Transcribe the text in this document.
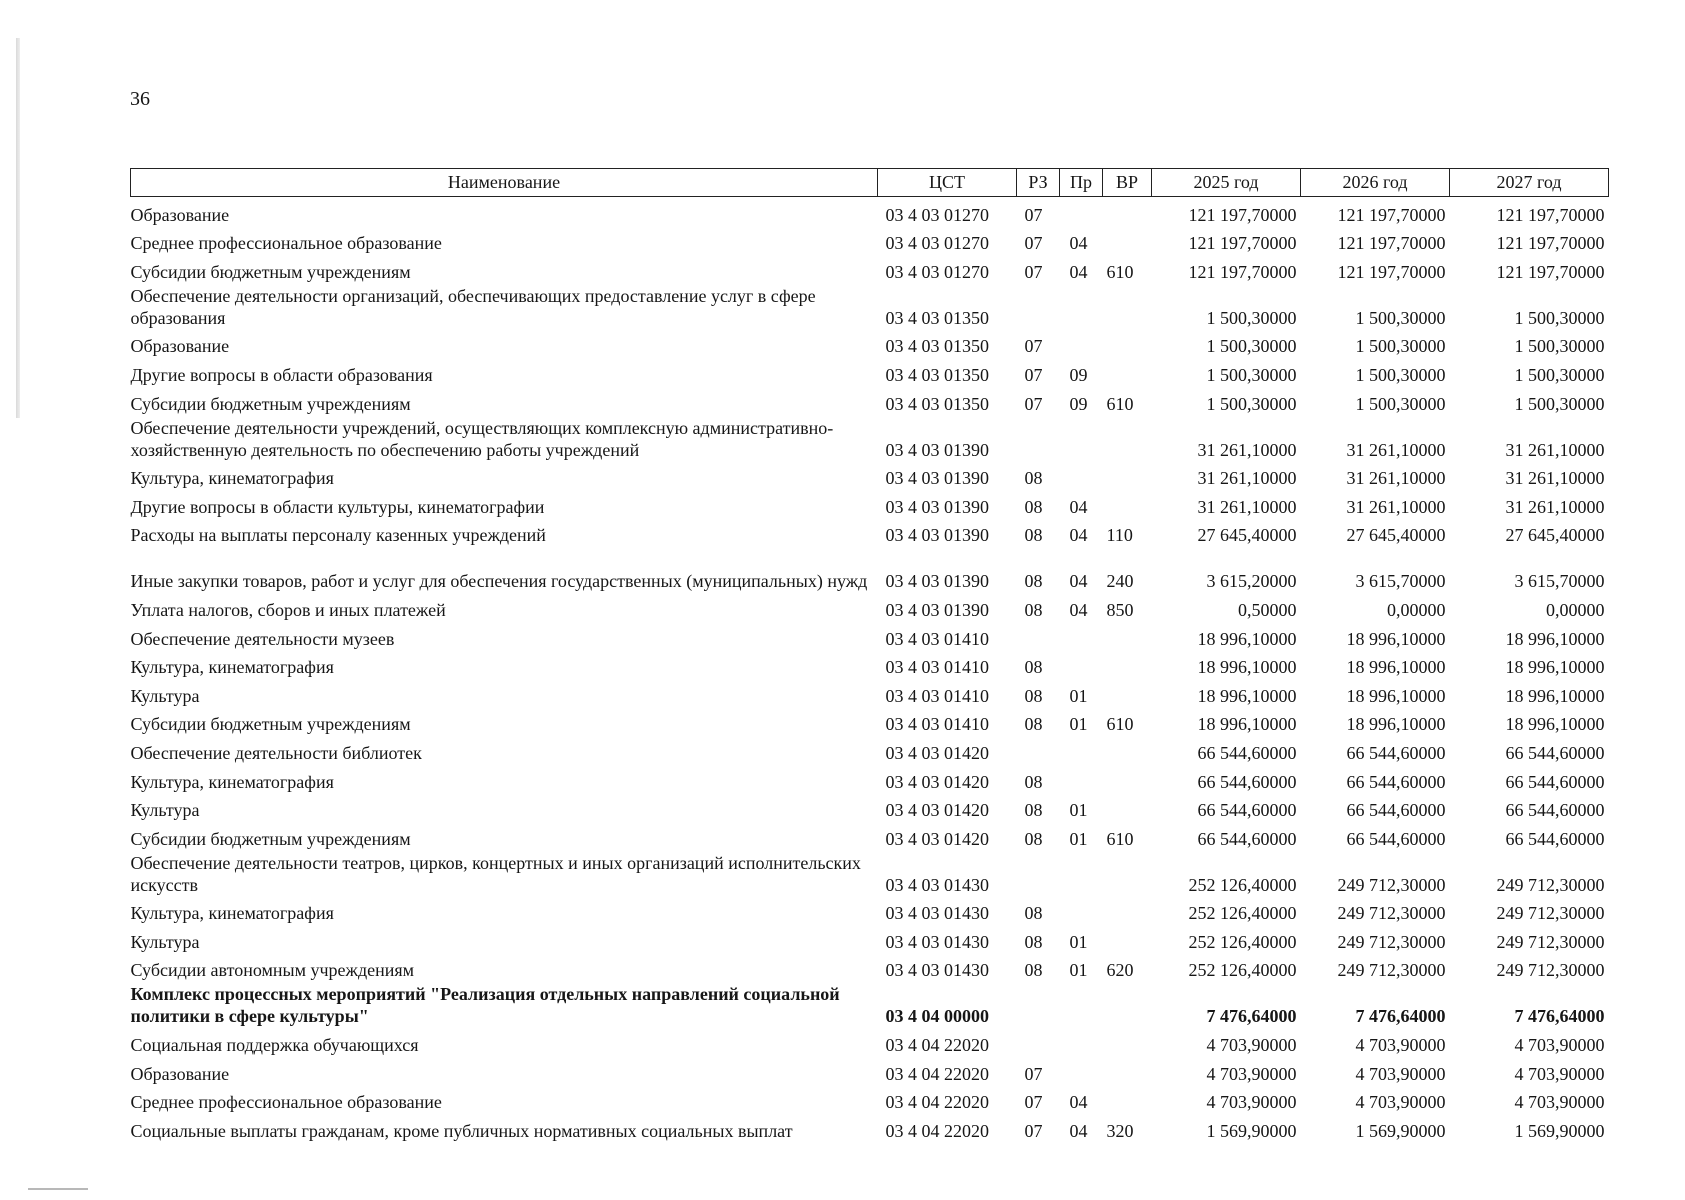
36
Наименование	ЦСТ	РЗ	Пр	ВР	2025 год	2026 год	2027 год
Образование	03 4 03 01270	07			121 197,70000	121 197,70000	121 197,70000
Среднее профессиональное образование	03 4 03 01270	07	04		121 197,70000	121 197,70000	121 197,70000
Субсидии бюджетным учреждениям	03 4 03 01270	07	04	610	121 197,70000	121 197,70000	121 197,70000
Обеспечение деятельности организаций, обеспечивающих предоставление услуг в сфере образования	03 4 03 01350				1 500,30000	1 500,30000	1 500,30000
Образование	03 4 03 01350	07			1 500,30000	1 500,30000	1 500,30000
Другие вопросы в области образования	03 4 03 01350	07	09		1 500,30000	1 500,30000	1 500,30000
Субсидии бюджетным учреждениям	03 4 03 01350	07	09	610	1 500,30000	1 500,30000	1 500,30000
Обеспечение деятельности учреждений, осуществляющих комплексную административно-хозяйственную деятельность по обеспечению работы учреждений	03 4 03 01390				31 261,10000	31 261,10000	31 261,10000
Культура, кинематография	03 4 03 01390	08			31 261,10000	31 261,10000	31 261,10000
Другие вопросы в области культуры, кинематографии	03 4 03 01390	08	04		31 261,10000	31 261,10000	31 261,10000
Расходы на выплаты персоналу казенных учреждений	03 4 03 01390	08	04	110	27 645,40000	27 645,40000	27 645,40000
Иные закупки товаров, работ и услуг для обеспечения государственных (муниципальных) нужд	03 4 03 01390	08	04	240	3 615,20000	3 615,70000	3 615,70000
Уплата налогов, сборов и иных платежей	03 4 03 01390	08	04	850	0,50000	0,00000	0,00000
Обеспечение деятельности музеев	03 4 03 01410				18 996,10000	18 996,10000	18 996,10000
Культура, кинематография	03 4 03 01410	08			18 996,10000	18 996,10000	18 996,10000
Культура	03 4 03 01410	08	01		18 996,10000	18 996,10000	18 996,10000
Субсидии бюджетным учреждениям	03 4 03 01410	08	01	610	18 996,10000	18 996,10000	18 996,10000
Обеспечение деятельности библиотек	03 4 03 01420				66 544,60000	66 544,60000	66 544,60000
Культура, кинематография	03 4 03 01420	08			66 544,60000	66 544,60000	66 544,60000
Культура	03 4 03 01420	08	01		66 544,60000	66 544,60000	66 544,60000
Субсидии бюджетным учреждениям	03 4 03 01420	08	01	610	66 544,60000	66 544,60000	66 544,60000
Обеспечение деятельности театров, цирков, концертных и иных организаций исполнительских искусств	03 4 03 01430				252 126,40000	249 712,30000	249 712,30000
Культура, кинематография	03 4 03 01430	08			252 126,40000	249 712,30000	249 712,30000
Культура	03 4 03 01430	08	01		252 126,40000	249 712,30000	249 712,30000
Субсидии автономным учреждениям	03 4 03 01430	08	01	620	252 126,40000	249 712,30000	249 712,30000
Комплекс процессных мероприятий "Реализация отдельных направлений социальной политики в сфере культуры"	03 4 04 00000				7 476,64000	7 476,64000	7 476,64000
Социальная поддержка обучающихся	03 4 04 22020				4 703,90000	4 703,90000	4 703,90000
Образование	03 4 04 22020	07			4 703,90000	4 703,90000	4 703,90000
Среднее профессиональное образование	03 4 04 22020	07	04		4 703,90000	4 703,90000	4 703,90000
Социальные выплаты гражданам, кроме публичных нормативных социальных выплат	03 4 04 22020	07	04	320	1 569,90000	1 569,90000	1 569,90000
